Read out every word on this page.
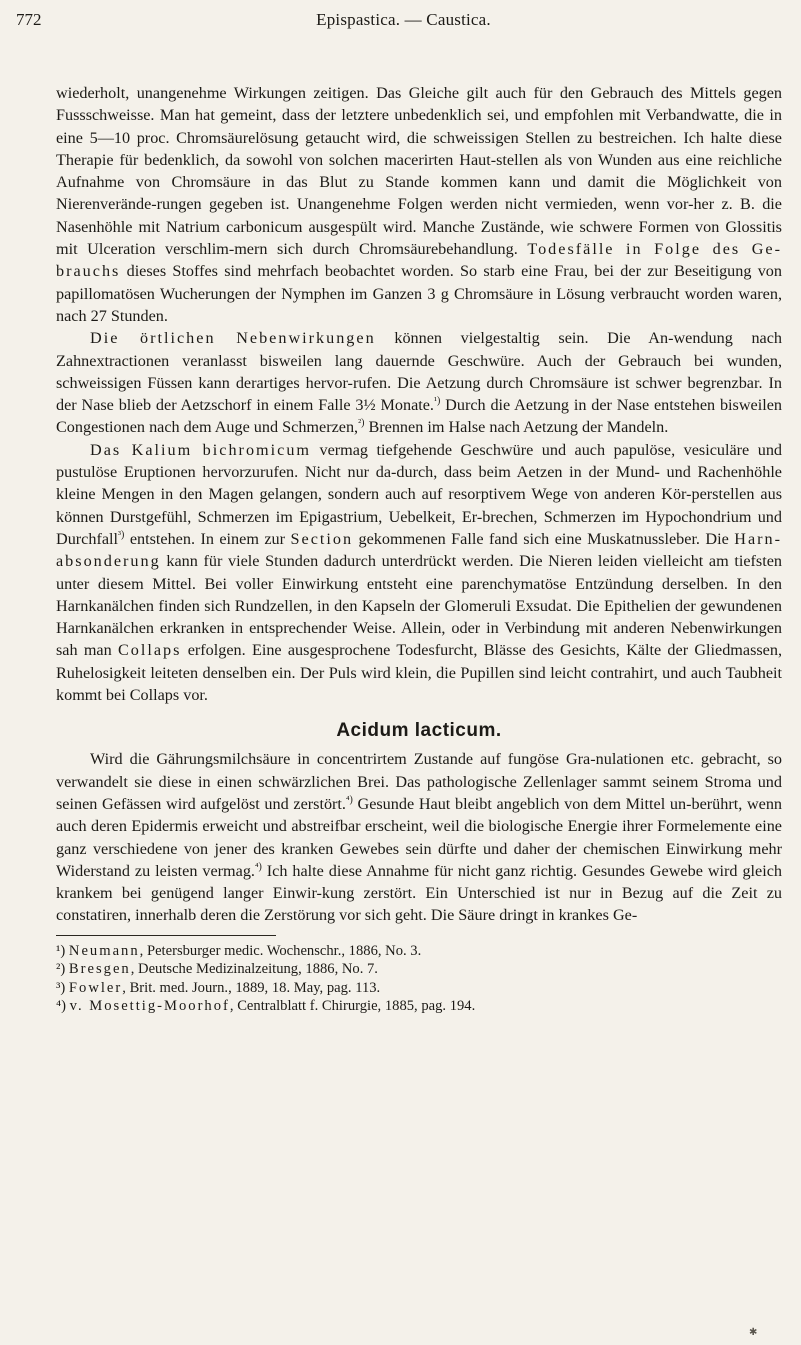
772	Epispastica. — Caustica.

wiederholt, unangenehme Wirkungen zeitigen. Das Gleiche gilt auch für den Gebrauch des Mittels gegen Fussschweisse. Man hat gemeint, dass der letztere unbedenklich sei, und empfohlen mit Verbandwatte, die in eine 5—10 proc. Chromsäurelösung getaucht wird, die schweissigen Stellen zu bestreichen. Ich halte diese Therapie für bedenklich, da sowohl von solchen macerirten Haut-stellen als von Wunden aus eine reichliche Aufnahme von Chromsäure in das Blut zu Stande kommen kann und damit die Möglichkeit von Nierenverände-rungen gegeben ist. Unangenehme Folgen werden nicht vermieden, wenn vor-her z. B. die Nasenhöhle mit Natrium carbonicum ausgespült wird. Manche Zustände, wie schwere Formen von Glossitis mit Ulceration verschlim-mern sich durch Chromsäurebehandlung. Todesfälle in Folge des Ge-brauchs dieses Stoffes sind mehrfach beobachtet worden. So starb eine Frau, bei der zur Beseitigung von papillomatösen Wucherungen der Nymphen im Ganzen 3 g Chromsäure in Lösung verbraucht worden waren, nach 27 Stunden.

Die örtlichen Nebenwirkungen können vielgestaltig sein. Die An-wendung nach Zahnextractionen veranlasst bisweilen lang dauernde Geschwüre. Auch der Gebrauch bei wunden, schweissigen Füssen kann derartiges hervor-rufen. Die Aetzung durch Chromsäure ist schwer begrenzbar. In der Nase blieb der Aetzschorf in einem Falle 3½ Monate.$^{^1)}$ Durch die Aetzung in der Nase entstehen bisweilen Congestionen nach dem Auge und Schmerzen,$^{^2)}$ Brennen im Halse nach Aetzung der Mandeln.

Das Kalium bichromicum vermag tiefgehende Geschwüre und auch papulöse, vesiculäre und pustulöse Eruptionen hervorzurufen. Nicht nur da-durch, dass beim Aetzen in der Mund- und Rachenhöhle kleine Mengen in den Magen gelangen, sondern auch auf resorptivem Wege von anderen Kör-perstellen aus können Durstgefühl, Schmerzen im Epigastrium, Uebelkeit, Er-brechen, Schmerzen im Hypochondrium und Durchfall$^{^3)}$ entstehen. In einem zur Section gekommenen Falle fand sich eine Muskatnussleber. Die Harn-absonderung kann für viele Stunden dadurch unterdrückt werden. Die Nieren leiden vielleicht am tiefsten unter diesem Mittel. Bei voller Einwirkung entsteht eine parenchymatöse Entzündung derselben. In den Harnkanälchen finden sich Rundzellen, in den Kapseln der Glomeruli Exsudat. Die Epithelien der gewundenen Harnkanälchen erkranken in entsprechender Weise. Allein, oder in Verbindung mit anderen Nebenwirkungen sah man Collaps erfolgen. Eine ausgesprochene Todesfurcht, Blässe des Gesichts, Kälte der Gliedmassen, Ruhelosigkeit leiteten denselben ein. Der Puls wird klein, die Pupillen sind leicht contrahirt, und auch Taubheit kommt bei Collaps vor.

Acidum lacticum.

Wird die Gährungsmilchsäure in concentrirtem Zustande auf fungöse Gra-nulationen etc. gebracht, so verwandelt sie diese in einen schwärzlichen Brei. Das pathologische Zellenlager sammt seinem Stroma und seinen Gefässen wird aufgelöst und zerstört.$^{^4)}$ Gesunde Haut bleibt angeblich von dem Mittel un-berührt, wenn auch deren Epidermis erweicht und abstreifbar erscheint, weil die biologische Energie ihrer Formelemente eine ganz verschiedene von jener des kranken Gewebes sein dürfte und daher der chemischen Einwirkung mehr Widerstand zu leisten vermag.$^{^4)}$ Ich halte diese Annahme für nicht ganz richtig. Gesundes Gewebe wird gleich krankem bei genügend langer Einwir-kung zerstört. Ein Unterschied ist nur in Bezug auf die Zeit zu constatiren, innerhalb deren die Zerstörung vor sich geht. Die Säure dringt in krankes Ge-

¹) Neumann, Petersburger medic. Wochenschr., 1886, No. 3.

²) Bresgen, Deutsche Medizinalzeitung, 1886, No. 7.

³) Fowler, Brit. med. Journ., 1889, 18. May, pag. 113.

⁴) v. Mosettig-Moorhof, Centralblatt f. Chirurgie, 1885, pag. 194.

✱
